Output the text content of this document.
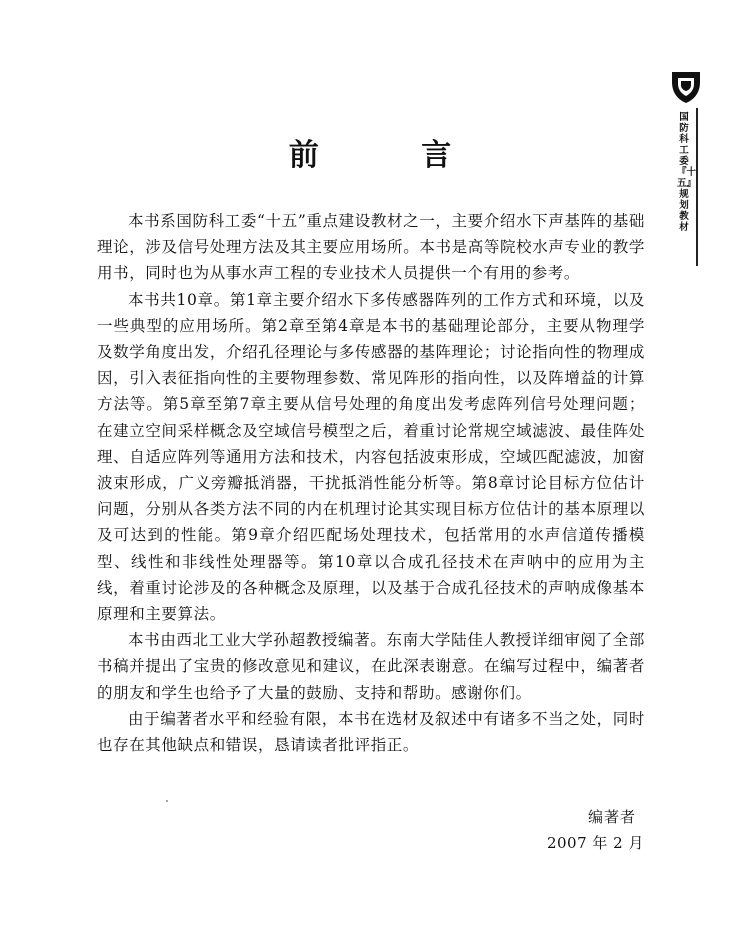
前 言

本书系国防科工委“十五”重点建设教材之一，主要介绍水下声基阵的基础理论，涉及信号处理方法及其主要应用场所。本书是高等院校水声专业的教学用书，同时也为从事水声工程的专业技术人员提供一个有用的参考。

本书共10章。第1章主要介绍水下多传感器阵列的工作方式和环境，以及一些典型的应用场所。第2章至第4章是本书的基础理论部分，主要从物理学及数学角度出发，介绍孔径理论与多传感器的基阵理论；讨论指向性的物理成因，引入表征指向性的主要物理参数、常见阵形的指向性，以及阵增益的计算方法等。第5章至第7章主要从信号处理的角度出发考虑阵列信号处理问题；在建立空间采样概念及空域信号模型之后，着重讨论常规空域滤波、最佳阵处理、自适应阵列等通用方法和技术，内容包括波束形成，空域匹配滤波，加窗波束形成，广义旁瓣抵消器，干扰抵消性能分析等。第8章讨论目标方位估计问题，分别从各类方法不同的内在机理讨论其实现目标方位估计的基本原理以及可达到的性能。第9章介绍匹配场处理技术，包括常用的水声信道传播模型、线性和非线性处理器等。第10章以合成孔径技术在声呐中的应用为主线，着重讨论涉及的各种概念及原理，以及基于合成孔径技术的声呐成像基本原理和主要算法。

本书由西北工业大学孙超教授编著。东南大学陆佳人教授详细审阅了全部书稿并提出了宝贵的修改意见和建议，在此深表谢意。在编写过程中，编著者的朋友和学生也给予了大量的鼓励、支持和帮助。感谢你们。

由于编著者水平和经验有限，本书在选材及叙述中有诸多不当之处，同时也存在其他缺点和错误，恳请读者批评指正。

编著者
2007 年 2 月
国防科工委『十五』规划教材
